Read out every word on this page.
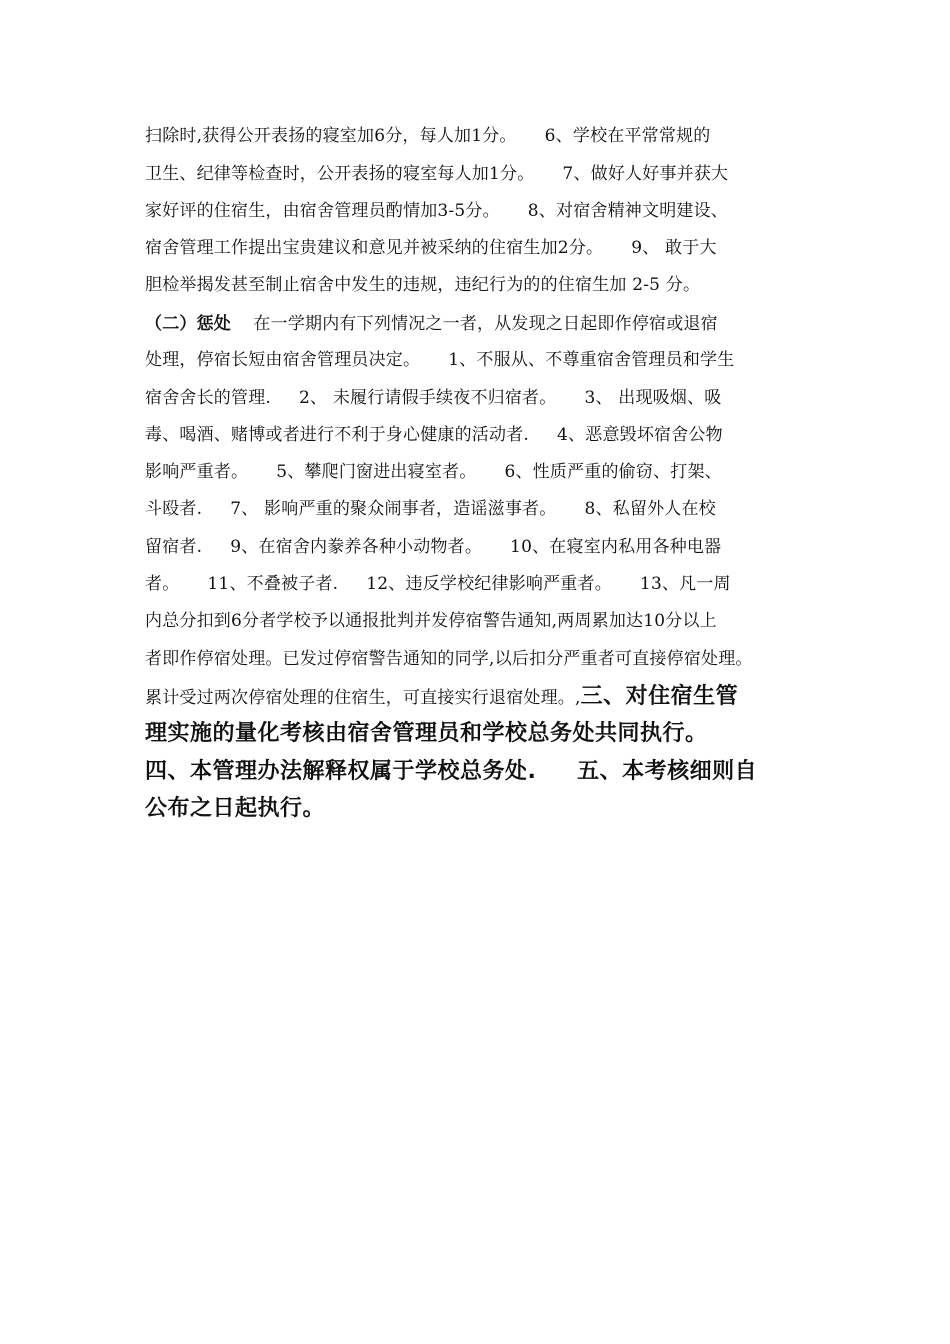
扫除时,获得公开表扬的寝室加6分，每人加1分。     6、学校在平常常规的
卫生、纪律等检查时，公开表扬的寝室每人加1分。     7、做好人好事并获大
家好评的住宿生，由宿舍管理员酌情加3-5分。     8、对宿舍精神文明建设、
宿舍管理工作提出宝贵建议和意见并被采纳的住宿生加2分。     9、 敢于大
胆检举揭发甚至制止宿舍中发生的违规，违纪行为的的住宿生加 2-5 分。
（二）惩处    在一学期内有下列情况之一者，从发现之日起即作停宿或退宿
处理，停宿长短由宿舍管理员决定。     1、不服从、不尊重宿舍管理员和学生
宿舍舍长的管理.     2、 未履行请假手续夜不归宿者。     3、 出现吸烟、吸
毒、喝酒、赌博或者进行不利于身心健康的活动者.     4、恶意毁坏宿舍公物
影响严重者。     5、攀爬门窗进出寝室者。     6、性质严重的偷窃、打架、
斗殴者.     7、 影响严重的聚众闹事者，造谣滋事者。     8、私留外人在校
留宿者.     9、在宿舍内豢养各种小动物者。     10、在寝室内私用各种电器
者。     11、不叠被子者.     12、违反学校纪律影响严重者。     13、凡一周
内总分扣到6分者学校予以通报批判并发停宿警告通知,两周累加达10分以上
者即作停宿处理。已发过停宿警告通知的同学,以后扣分严重者可直接停宿处理。
累计受过两次停宿处理的住宿生，可直接实行退宿处理。,三、对住宿生管
理实施的量化考核由宿舍管理员和学校总务处共同执行。
四、本管理办法解释权属于学校总务处.     五、本考核细则自
公布之日起执行。
